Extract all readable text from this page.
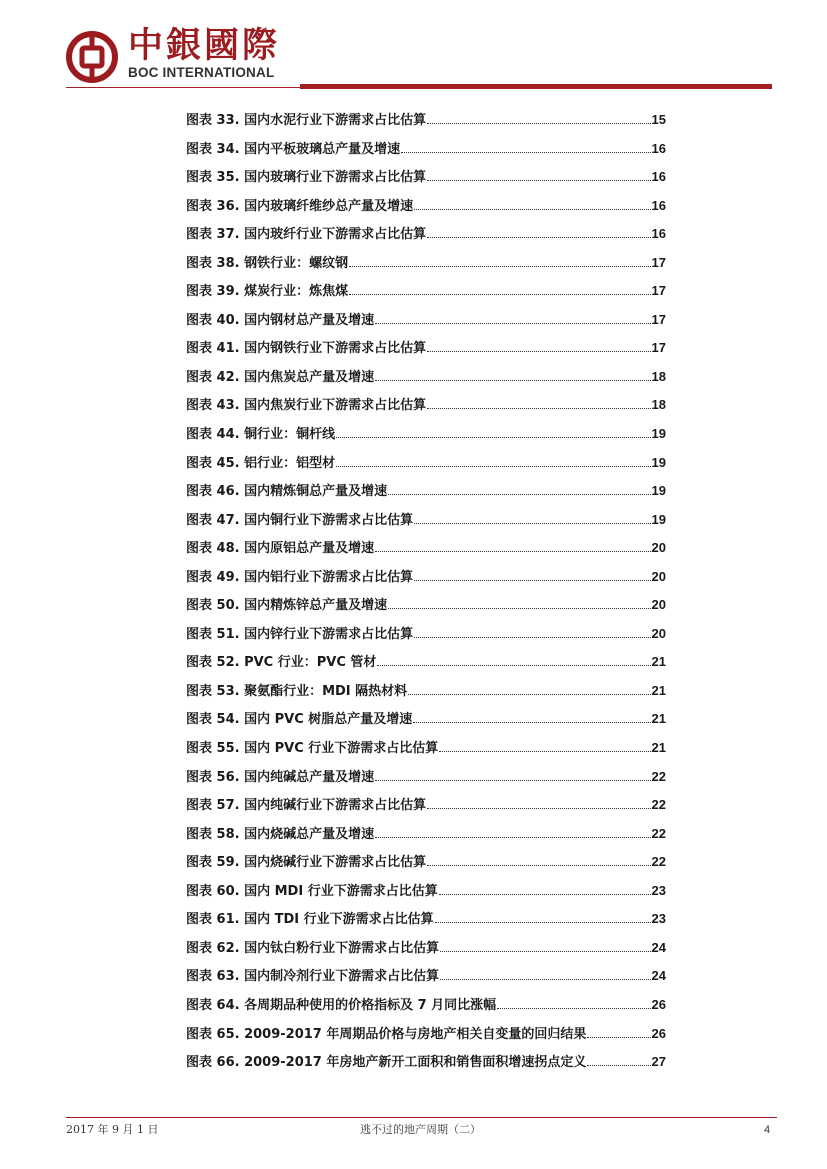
中銀國際
BOC INTERNATIONAL
图表 33. 国内水泥行业下游需求占比估算	15
图表 34. 国内平板玻璃总产量及增速	16
图表 35. 国内玻璃行业下游需求占比估算	16
图表 36. 国内玻璃纤维纱总产量及增速	16
图表 37. 国内玻纤行业下游需求占比估算	16
图表 38. 钢铁行业：螺纹钢	17
图表 39. 煤炭行业：炼焦煤	17
图表 40. 国内钢材总产量及增速	17
图表 41. 国内钢铁行业下游需求占比估算	17
图表 42. 国内焦炭总产量及增速	18
图表 43. 国内焦炭行业下游需求占比估算	18
图表 44. 铜行业：铜杆线	19
图表 45. 铝行业：铝型材	19
图表 46. 国内精炼铜总产量及增速	19
图表 47. 国内铜行业下游需求占比估算	19
图表 48. 国内原铝总产量及增速	20
图表 49. 国内铝行业下游需求占比估算	20
图表 50. 国内精炼锌总产量及增速	20
图表 51. 国内锌行业下游需求占比估算	20
图表 52. PVC 行业：PVC 管材	21
图表 53. 聚氨酯行业：MDI 隔热材料	21
图表 54. 国内 PVC 树脂总产量及增速	21
图表 55. 国内 PVC 行业下游需求占比估算	21
图表 56. 国内纯碱总产量及增速	22
图表 57. 国内纯碱行业下游需求占比估算	22
图表 58. 国内烧碱总产量及增速	22
图表 59. 国内烧碱行业下游需求占比估算	22
图表 60. 国内 MDI 行业下游需求占比估算	23
图表 61. 国内 TDI 行业下游需求占比估算	23
图表 62. 国内钛白粉行业下游需求占比估算	24
图表 63. 国内制冷剂行业下游需求占比估算	24
图表 64. 各周期品种使用的价格指标及 7 月同比涨幅	26
图表 65. 2009-2017 年周期品价格与房地产相关自变量的回归结果	26
图表 66. 2009-2017 年房地产新开工面积和销售面积增速拐点定义	27
2017 年 9 月 1 日	逃不过的地产周期（二）	4
